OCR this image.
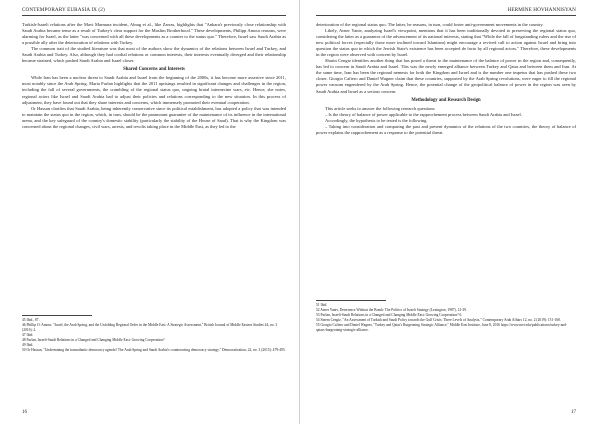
CONTEMPORARY EURASIA IX (2)

Turkish-Israeli relations after the Mavi Marmara incident, Alnug et al., like Zarras, highlights that "Ankara's previously close relationship with Saudi Arabia became tense as a result of Turkey's clear support for the Muslim Brotherhood." These developments, Philipp Amour reasons, were alarming for Israel, as the latter "was concerned with all these developments as a counter to the status quo." Therefore, Israel saw Saudi Arabia as a possible ally after the deterioration of relations with Turkey.

The common trait of the studied literature was that most of the authors show the dynamics of the relations between Israel and Turkey, and Saudi Arabia and Turkey. Also, although they had cordial relations or common interests, their interests eventually diverged and their relationship became strained, which pushed Saudi Arabia and Israel closer.

Shared Concerns and Interests

While Iran has been a nuclear threat to Saudi Arabia and Israel from the beginning of the 2000s, it has become more assertive since 2011, most notably since the Arab Spring. Marta Furlan highlights that the 2011 uprisings resulted in significant changes and challenges in the region, including the fall of several governments, the crumbling of the regional status quo, ongoing brutal internecine wars, etc. Hence, she notes, regional actors like Israel and Saudi Arabia had to adjust their policies and relations corresponding to the new situation. In this process of adjustment, they have found out that they share interests and concerns, which immensely promoted their eventual cooperation.

Or Hassan clarifies that Saudi Arabia, being inherently conservative since its political establishment, has adopted a policy that was intended to maintain the status quo in the region, which, in turn, should be the paramount guarantee of the maintenance of its influence in the international arena, and the key safeguard of the country's domestic stability (particularly the stability of the House of Saud). That is why the Kingdom was concerned about the regional changes, civil wars, arrests, and revolts taking place in the Middle East, as they led to the

45 Ibid., 87.
46 Phillip O. Amour, "Israel, the Arab Spring, and the Unfolding Regional Order in the Middle East: A Strategic Assessment," British Journal of Middle Eastern Studies 44, no. 3 (2016): 2.
47 Ibid.
48 Furlan, Israeli-Saudi Relations in a Changed and Changing Middle East: Growing Cooperation?
49 Ibid.
50 Or Hassan, "Undermining the transatlantic democracy agenda? The Arab Spring and Saudi Arabia's counteracting democracy strategy," Democratization, 22, no. 3 (2015): 479-495.
16
HERMINE HOVHANNISYAN

deterioration of the regional status quo. The latter, he reasons, in turn, could foster anti-government movements in the country.

Likely, Avner Yaniv, analyzing Israel's viewpoint, mentions that it has been traditionally devoted to preserving the regional status quo, considering the latter as a guarantor of the advancement of its national interests, stating that "While the fall of longstanding rulers and the rise of new political forces (especially those more inclined toward Islamism) might encourage a revived call to action against Israel and bring into question the status quo in which the Jewish State's existence has been accepted de facto by all regional actors." Therefore, these developments in the region were observed with concern by Israel.

Sharin Cengiz identifies another thing that has posed a threat to the maintenance of the balance of power in the region and, consequently, has led to concern in Saudi Arabia and Israel. This was the newly emerged alliance between Turkey and Qatar and between them and Iran. At the same time, Iran has been the regional nemesis for both the Kingdom and Israel and is the number one impetus that has pushed these two closer. Giorgio Cafiero and Daniel Wagner claim that these countries, supported by the Arab Spring revolutions, were eager to fill the regional power vacuum engendered by the Arab Spring. Hence, the potential change of the geopolitical balance of power in the region was seen by Saudi Arabia and Israel as a serious concern.

Methodology and Research Design

This article seeks to answer the following research questions:

– Is the theory of balance of power applicable to the rapprochement process between Saudi Arabia and Israel.

Accordingly, the hypothesis to be tested is the following.

– Taking into consideration and comparing the past and present dynamics of the relations of the two countries, the theory of balance of power explains the rapprochement as a response to the potential threat.

51 Ibid.
52 Avner Yaniv, Deterrence Without the Bomb: The Politics of Israeli Strategy (Lexington, 1987), 12-39.
53 Furlan, Israeli-Saudi Relations in a Changed and Changing Middle East: Growing Cooperation? 6.
54 Sinem Cengiz, "An Assessment of Turkish and Saudi Policy towards the Gulf Crisis: Three Levels of Analysis," Contemporary Arab Affairs 12, no. 2 (2019): 151-168.
55 Giorgio Cafiero and Daniel Wagner, "Turkey and Qatar's Burgeoning Strategic Alliance," Middle East Institute, June 8, 2016 https://www.mei.edu/publications/turkey-and-qatars-burgeoning-strategic-alliance.
17
